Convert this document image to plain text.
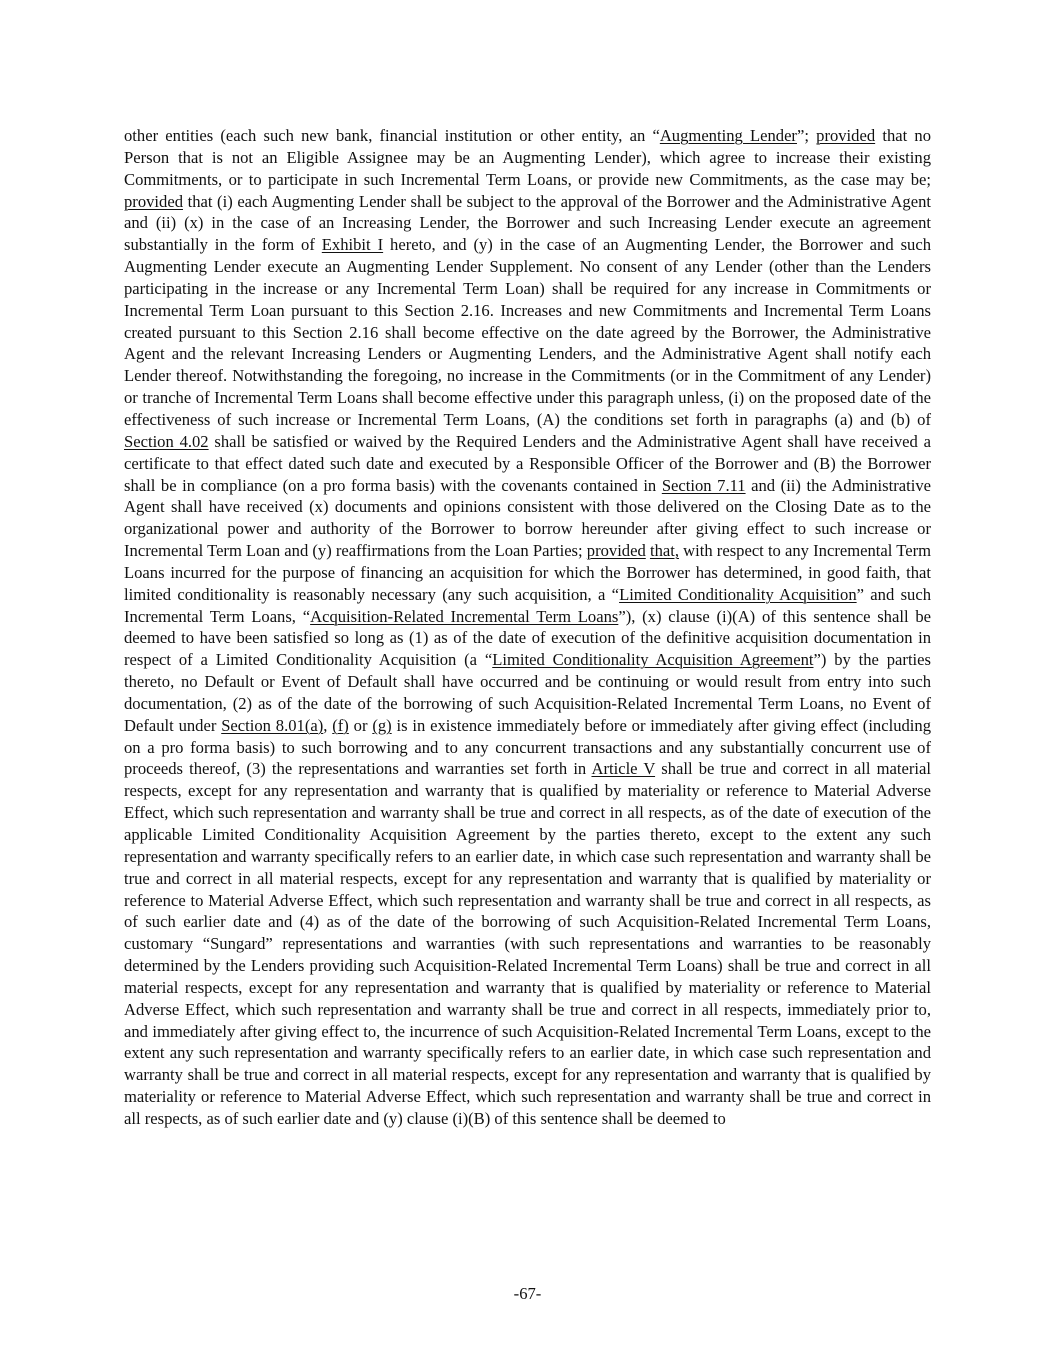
other entities (each such new bank, financial institution or other entity, an “Augmenting Lender”; provided that no Person that is not an Eligible Assignee may be an Augmenting Lender), which agree to increase their existing Commitments, or to participate in such Incremental Term Loans, or provide new Commitments, as the case may be; provided that (i) each Augmenting Lender shall be subject to the approval of the Borrower and the Administrative Agent and (ii) (x) in the case of an Increasing Lender, the Borrower and such Increasing Lender execute an agreement substantially in the form of Exhibit I hereto, and (y) in the case of an Augmenting Lender, the Borrower and such Augmenting Lender execute an Augmenting Lender Supplement. No consent of any Lender (other than the Lenders participating in the increase or any Incremental Term Loan) shall be required for any increase in Commitments or Incremental Term Loan pursuant to this Section 2.16. Increases and new Commitments and Incremental Term Loans created pursuant to this Section 2.16 shall become effective on the date agreed by the Borrower, the Administrative Agent and the relevant Increasing Lenders or Augmenting Lenders, and the Administrative Agent shall notify each Lender thereof. Notwithstanding the foregoing, no increase in the Commitments (or in the Commitment of any Lender) or tranche of Incremental Term Loans shall become effective under this paragraph unless, (i) on the proposed date of the effectiveness of such increase or Incremental Term Loans, (A) the conditions set forth in paragraphs (a) and (b) of Section 4.02 shall be satisfied or waived by the Required Lenders and the Administrative Agent shall have received a certificate to that effect dated such date and executed by a Responsible Officer of the Borrower and (B) the Borrower shall be in compliance (on a pro forma basis) with the covenants contained in Section 7.11 and (ii) the Administrative Agent shall have received (x) documents and opinions consistent with those delivered on the Closing Date as to the organizational power and authority of the Borrower to borrow hereunder after giving effect to such increase or Incremental Term Loan and (y) reaffirmations from the Loan Parties; provided that, with respect to any Incremental Term Loans incurred for the purpose of financing an acquisition for which the Borrower has determined, in good faith, that limited conditionality is reasonably necessary (any such acquisition, a “Limited Conditionality Acquisition” and such Incremental Term Loans, “Acquisition-Related Incremental Term Loans”), (x) clause (i)(A) of this sentence shall be deemed to have been satisfied so long as (1) as of the date of execution of the definitive acquisition documentation in respect of a Limited Conditionality Acquisition (a “Limited Conditionality Acquisition Agreement”) by the parties thereto, no Default or Event of Default shall have occurred and be continuing or would result from entry into such documentation, (2) as of the date of the borrowing of such Acquisition-Related Incremental Term Loans, no Event of Default under Section 8.01(a), (f) or (g) is in existence immediately before or immediately after giving effect (including on a pro forma basis) to such borrowing and to any concurrent transactions and any substantially concurrent use of proceeds thereof, (3) the representations and warranties set forth in Article V shall be true and correct in all material respects, except for any representation and warranty that is qualified by materiality or reference to Material Adverse Effect, which such representation and warranty shall be true and correct in all respects, as of the date of execution of the applicable Limited Conditionality Acquisition Agreement by the parties thereto, except to the extent any such representation and warranty specifically refers to an earlier date, in which case such representation and warranty shall be true and correct in all material respects, except for any representation and warranty that is qualified by materiality or reference to Material Adverse Effect, which such representation and warranty shall be true and correct in all respects, as of such earlier date and (4) as of the date of the borrowing of such Acquisition-Related Incremental Term Loans, customary “Sungard” representations and warranties (with such representations and warranties to be reasonably determined by the Lenders providing such Acquisition-Related Incremental Term Loans) shall be true and correct in all material respects, except for any representation and warranty that is qualified by materiality or reference to Material Adverse Effect, which such representation and warranty shall be true and correct in all respects, immediately prior to, and immediately after giving effect to, the incurrence of such Acquisition-Related Incremental Term Loans, except to the extent any such representation and warranty specifically refers to an earlier date, in which case such representation and warranty shall be true and correct in all material respects, except for any representation and warranty that is qualified by materiality or reference to Material Adverse Effect, which such representation and warranty shall be true and correct in all respects, as of such earlier date and (y) clause (i)(B) of this sentence shall be deemed to

-67-
